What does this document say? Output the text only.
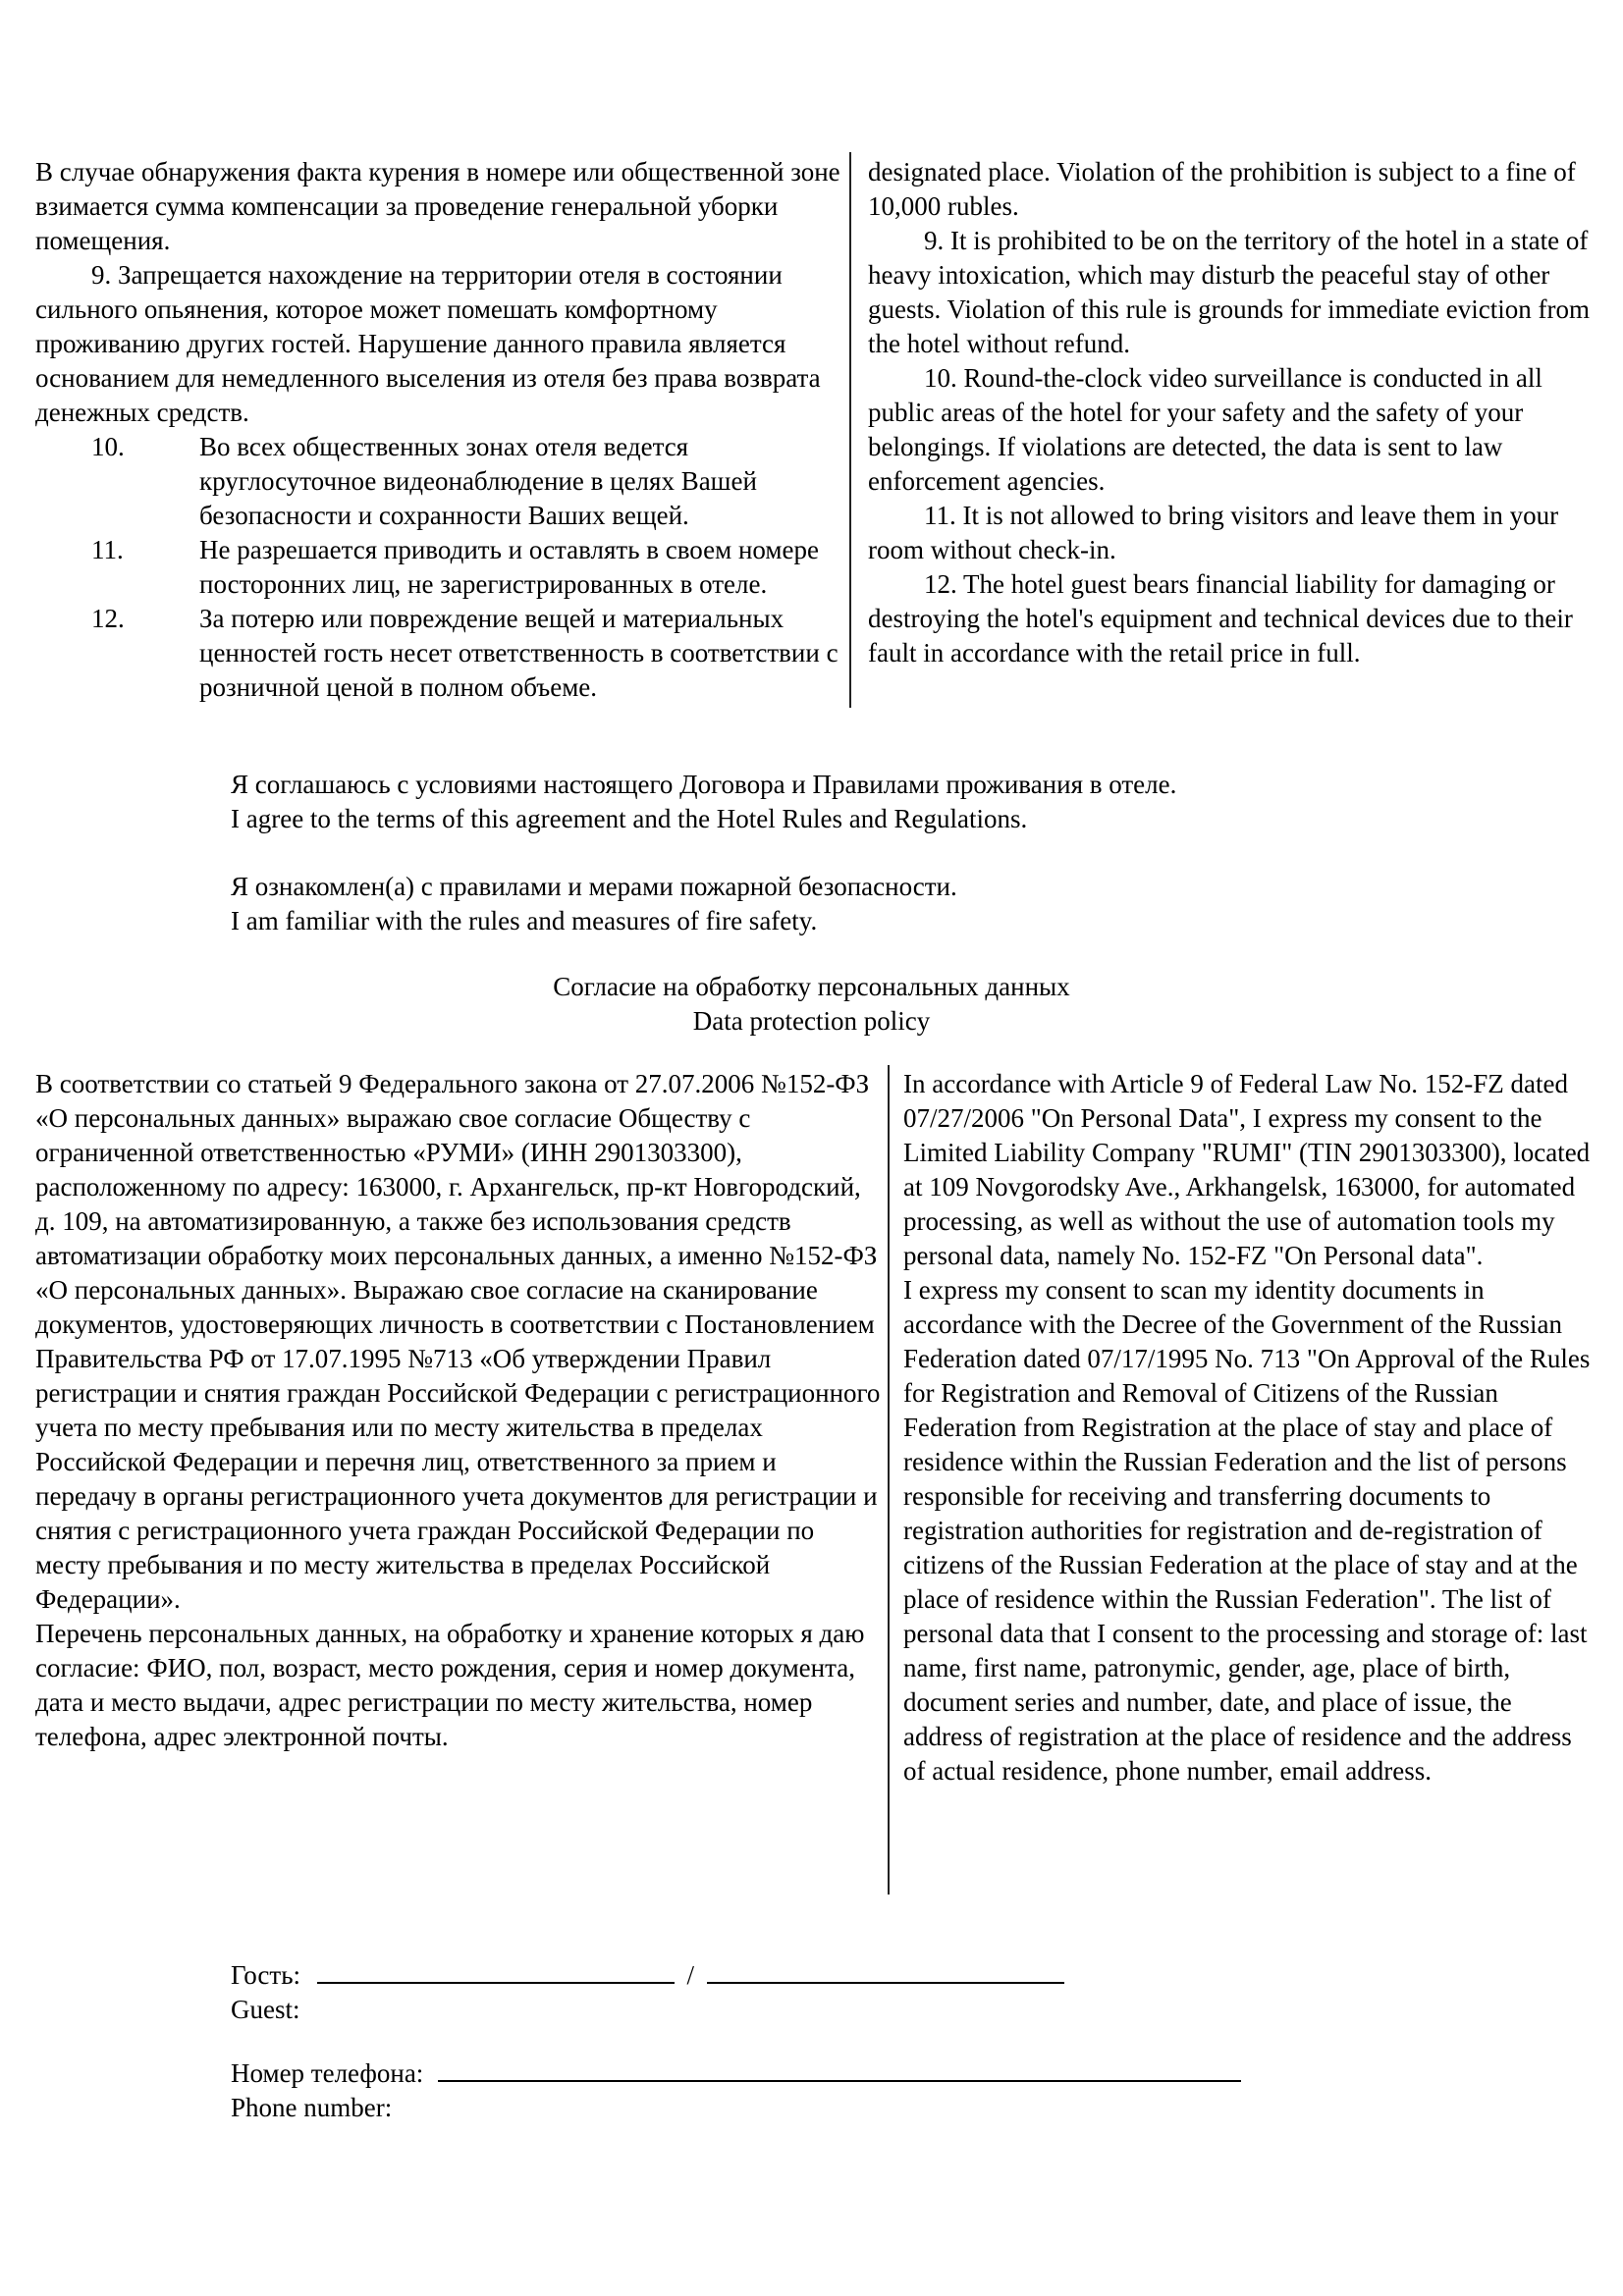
В случае обнаружения факта курения в номере или общественной зоне взимается сумма компенсации за проведение генеральной уборки помещения.

9. Запрещается нахождение на территории отеля в состоянии сильного опьянения, которое может помешать комфортному проживанию других гостей. Нарушение данного правила является основанием для немедленного выселения из отеля без права возврата денежных средств.

10.	Во всех общественных зонах отеля ведется круглосуточное видеонаблюдение в целях Вашей безопасности и сохранности Ваших вещей.
11.	Не разрешается приводить и оставлять в своем номере посторонних лиц, не зарегистрированных в отеле.
12.	За потерю или повреждение вещей и материальных ценностей гость несет ответственность в соответствии с розничной ценой в полном объеме.

designated place. Violation of the prohibition is subject to a fine of 10,000 rubles.

9. It is prohibited to be on the territory of the hotel in a state of heavy intoxication, which may disturb the peaceful stay of other guests. Violation of this rule is grounds for immediate eviction from the hotel without refund.

10. Round-the-clock video surveillance is conducted in all public areas of the hotel for your safety and the safety of your belongings. If violations are detected, the data is sent to law enforcement agencies.

11. It is not allowed to bring visitors and leave them in your room without check-in.

12. The hotel guest bears financial liability for damaging or destroying the hotel's equipment and technical devices due to their fault in accordance with the retail price in full.

Я соглашаюсь с условиями настоящего Договора и Правилами проживания в отеле.

I agree to the terms of this agreement and the Hotel Rules and Regulations.

Я ознакомлен(а) с правилами и мерами пожарной безопасности.

I am familiar with the rules and measures of fire safety.

Согласие на обработку персональных данных

Data protection policy

В соответствии со статьей 9 Федерального закона от 27.07.2006 №152-ФЗ «О персональных данных» выражаю свое согласие Обществу с ограниченной ответственностью «РУМИ» (ИНН 2901303300), расположенному по адресу: 163000, г. Архангельск, пр-кт Новгородский, д. 109, на автоматизированную, а также без использования средств автоматизации обработку моих персональных данных, а именно №152-ФЗ «О персональных данных». Выражаю свое согласие на сканирование документов, удостоверяющих личность в соответствии с Постановлением Правительства РФ от 17.07.1995 №713 «Об утверждении Правил регистрации и снятия граждан Российской Федерации с регистрационного учета по месту пребывания или по месту жительства в пределах Российской Федерации и перечня лиц, ответственного за прием и передачу в органы регистрационного учета документов для регистрации и снятия с регистрационного учета граждан Российской Федерации по месту пребывания и по месту жительства в пределах Российской Федерации».

Перечень персональных данных, на обработку и хранение которых я даю согласие: ФИО, пол, возраст, место рождения, серия и номер документа, дата и место выдачи, адрес регистрации по месту жительства, номер телефона, адрес электронной почты.

In accordance with Article 9 of Federal Law No. 152-FZ dated 07/27/2006 "On Personal Data", I express my consent to the Limited Liability Company "RUMI" (TIN 2901303300), located at 109 Novgorodsky Ave., Arkhangelsk, 163000, for automated processing, as well as without the use of automation tools my personal data, namely No. 152-FZ "On Personal data".

I express my consent to scan my identity documents in accordance with the Decree of the Government of the Russian Federation dated 07/17/1995 No. 713 "On Approval of the Rules for Registration and Removal of Citizens of the Russian Federation from Registration at the place of stay and place of residence within the Russian Federation and the list of persons responsible for receiving and transferring documents to registration authorities for registration and de-registration of citizens of the Russian Federation at the place of stay and at the place of residence within the Russian Federation". The list of personal data that I consent to the processing and storage of: last name, first name, patronymic, gender, age, place of birth, document series and number, date, and place of issue, the address of registration at the place of residence and the address of actual residence, phone number, email address.

Гость:	/
Guest:
Номер телефона:
Phone number:
